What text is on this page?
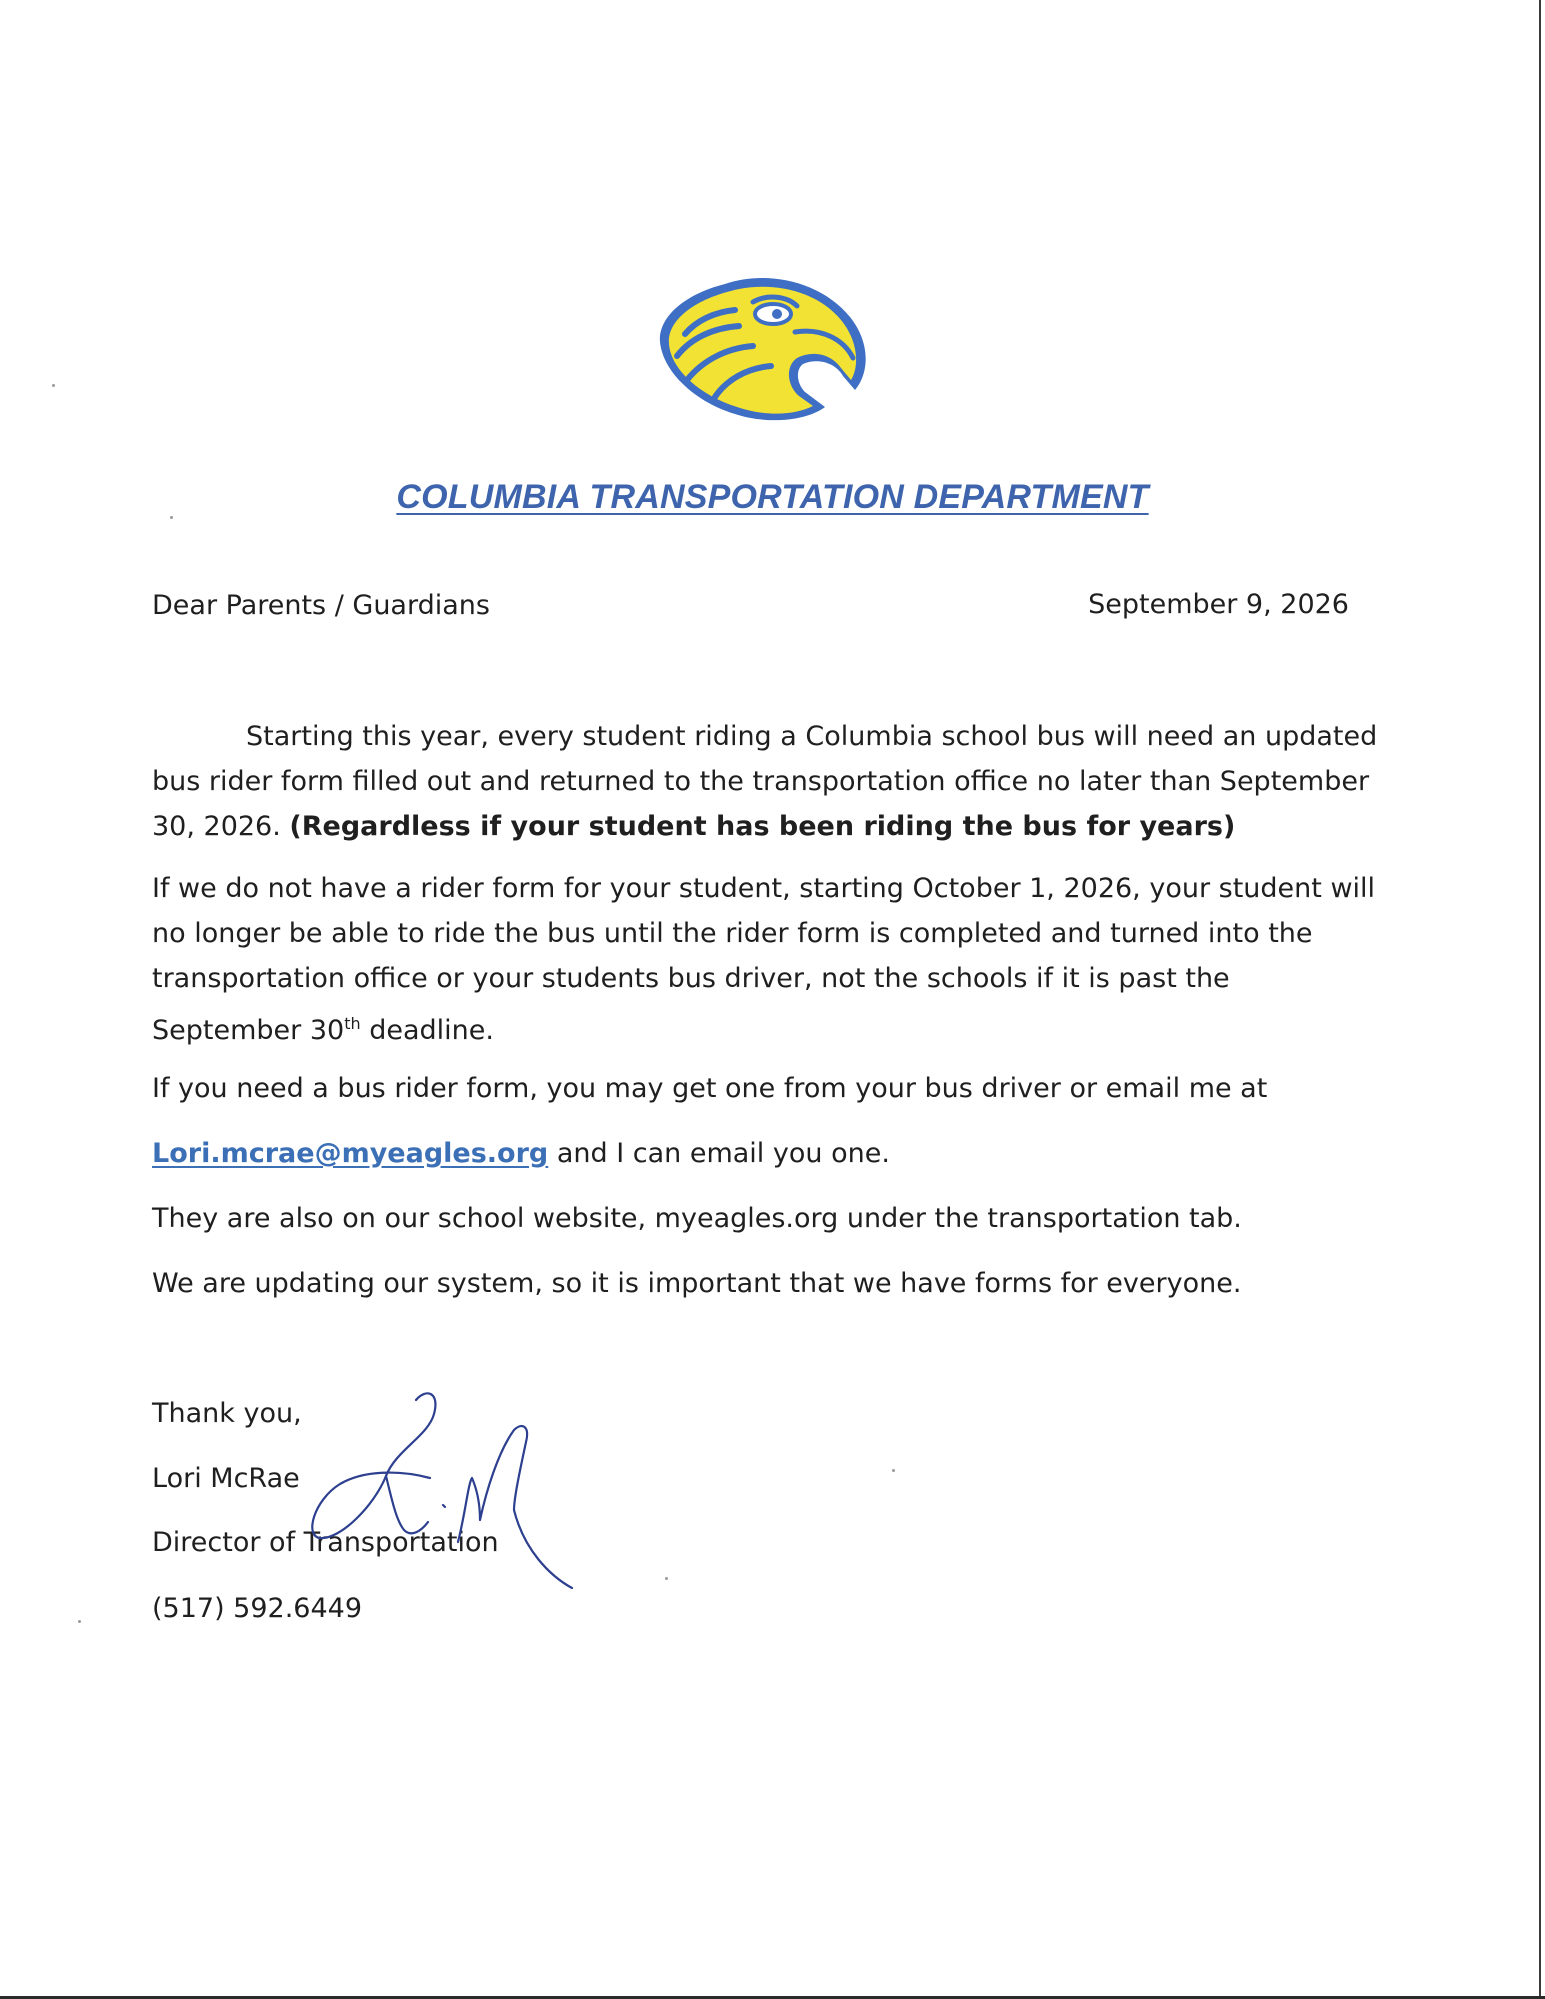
COLUMBIA TRANSPORTATION DEPARTMENT
Dear Parents / Guardians	September 9, 2026
Starting this year, every student riding a Columbia school bus will need an updated bus rider form filled out and returned to the transportation office no later than September 30, 2026. (Regardless if your student has been riding the bus for years)
If we do not have a rider form for your student, starting October 1, 2026, your student will no longer be able to ride the bus until the rider form is completed and turned into the transportation office or your students bus driver, not the schools if it is past the September 30th deadline.
If you need a bus rider form, you may get one from your bus driver or email me at
Lori.mcrae@myeagles.org and I can email you one.
They are also on our school website, myeagles.org under the transportation tab.
We are updating our system, so it is important that we have forms for everyone.
Thank you,
Lori McRae
Director of Transportation
(517) 592.6449
